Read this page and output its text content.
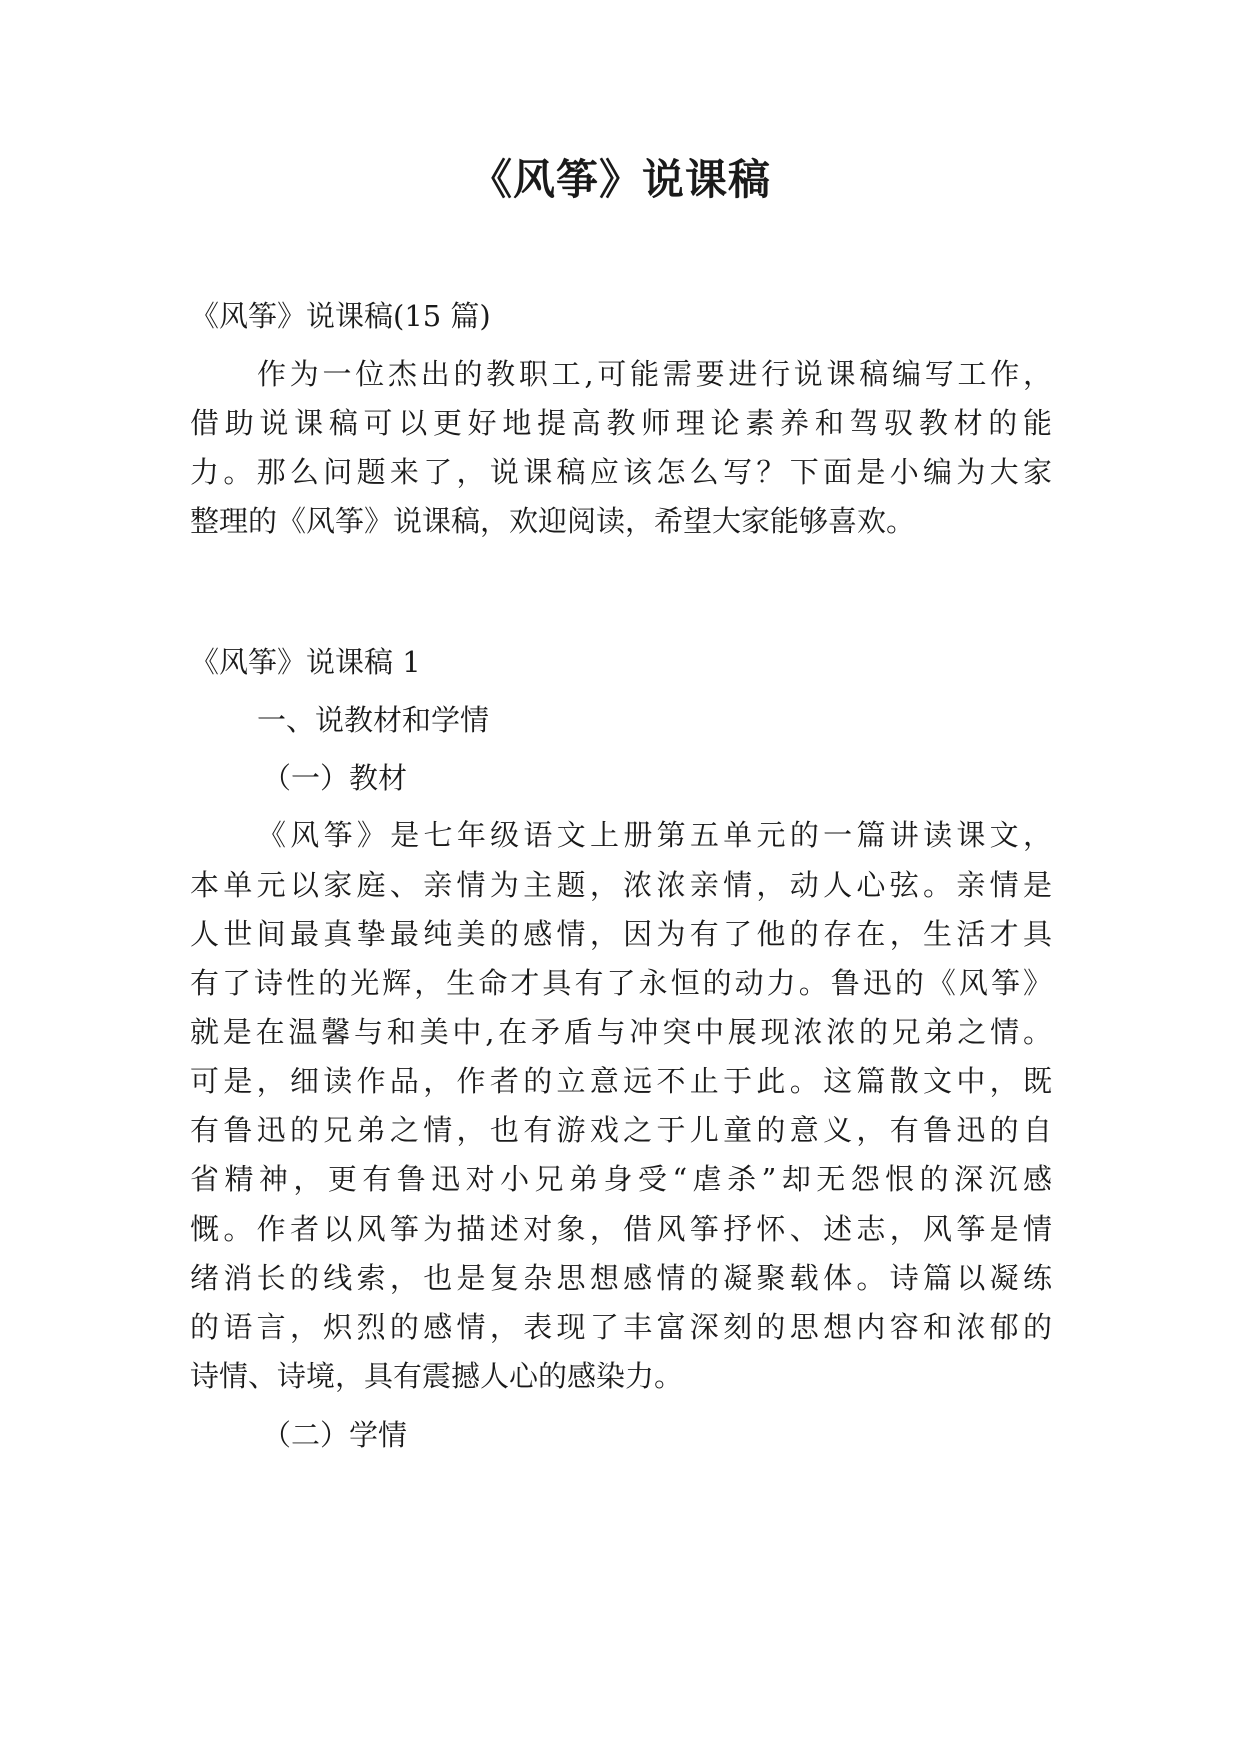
《风筝》说课稿
《风筝》说课稿(15 篇)
作为一位杰出的教职工,可能需要进行说课稿编写工作，
借助说课稿可以更好地提高教师理论素养和驾驭教材的能
力。那么问题来了，说课稿应该怎么写？下面是小编为大家
整理的《风筝》说课稿，欢迎阅读，希望大家能够喜欢。
《风筝》说课稿 1
一、说教材和学情
（一）教材
《风筝》是七年级语文上册第五单元的一篇讲读课文，
本单元以家庭、亲情为主题，浓浓亲情，动人心弦。亲情是
人世间最真挚最纯美的感情，因为有了他的存在，生活才具
有了诗性的光辉，生命才具有了永恒的动力。鲁迅的《风筝》
就是在温馨与和美中,在矛盾与冲突中展现浓浓的兄弟之情。
可是，细读作品，作者的立意远不止于此。这篇散文中，既
有鲁迅的兄弟之情，也有游戏之于儿童的意义，有鲁迅的自
省精神，更有鲁迅对小兄弟身受“虐杀”却无怨恨的深沉感
慨。作者以风筝为描述对象，借风筝抒怀、述志，风筝是情
绪消长的线索，也是复杂思想感情的凝聚载体。诗篇以凝练
的语言，炽烈的感情，表现了丰富深刻的思想内容和浓郁的
诗情、诗境，具有震撼人心的感染力。
（二）学情
